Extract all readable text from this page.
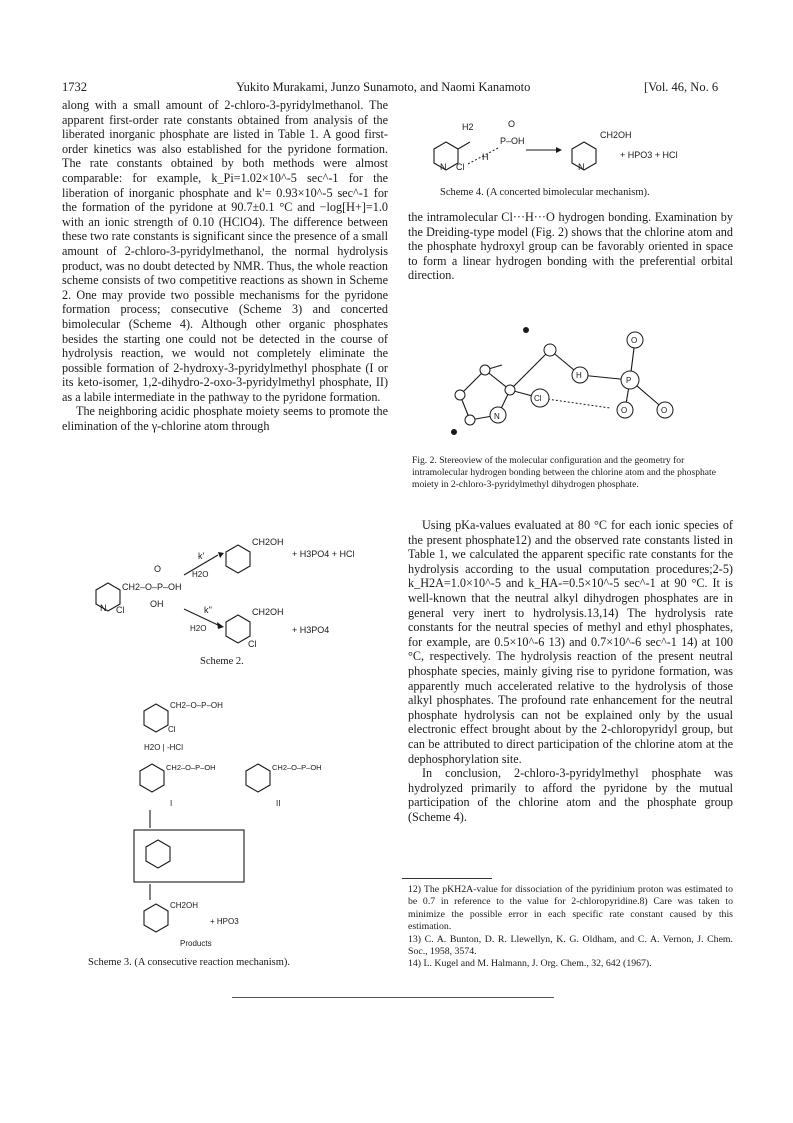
1732	Yukito Murakami, Junzo Sunamoto, and Naomi Kanamoto	[Vol. 46, No. 6

along with a small amount of 2-chloro-3-pyridylmethanol. The apparent first-order rate constants obtained from analysis of the liberated inorganic phosphate are listed in Table 1. A good first-order kinetics was also established for the pyridone formation. The rate constants obtained by both methods were almost comparable: for example, k_Pi=1.02×10^-5 sec^-1 for the liberation of inorganic phosphate and k'= 0.93×10^-5 sec^-1 for the formation of the pyridone at 90.7±0.1 °C and −log[H+]=1.0 with an ionic strength of 0.10 (HClO4). The difference between these two rate constants is significant since the presence of a small amount of 2-chloro-3-pyridylmethanol, the normal hydrolysis product, was no doubt detected by NMR. Thus, the whole reaction scheme consists of two competitive reactions as shown in Scheme 2. One may provide two possible mechanisms for the pyridone formation process; consecutive (Scheme 3) and concerted bimolecular (Scheme 4). Although other organic phosphates besides the starting one could not be detected in the course of hydrolysis reaction, we would not completely eliminate the possible formation of 2-hydroxy-3-pyridylmethyl phosphate (I or its keto-isomer, 1,2-dihydro-2-oxo-3-pyridylmethyl phosphate, II) as a labile intermediate in the pathway to the pyridone formation.

The neighboring acidic phosphate moiety seems to promote the elimination of the γ-chlorine atom through

H2	O
P–OH
N Cl
H
CH2OH
N
+ HPO3 + HCl
Scheme 4. (A concerted bimolecular mechanism).

the intramolecular Cl···H···O hydrogen bonding. Examination by the Dreiding-type model (Fig. 2) shows that the chlorine atom and the phosphate hydroxyl group can be favorably oriented in space to form a linear hydrogen bonding with the preferential orbital direction.

N
Cl
H
P
O
O	O
Fig. 2. Stereoview of the molecular configuration and the geometry for intramolecular hydrogen bonding between the chlorine atom and the phosphate moiety in 2-chloro-3-pyridylmethyl dihydrogen phosphate.

Using pKa-values evaluated at 80 °C for each ionic species of the present phosphate12) and the observed rate constants listed in Table 1, we calculated the apparent specific rate constants for the hydrolysis according to the usual computation procedures;2-5) k_H2A=1.0×10^-5 and k_HA-=0.5×10^-5 sec^-1 at 90 °C. It is well-known that the neutral alkyl dihydrogen phosphates are in general very inert to hydrolysis.13,14) The hydrolysis rate constants for the neutral species of methyl and ethyl phosphates, for example, are 0.5×10^-6 13) and 0.7×10^-6 sec^-1 14) at 100 °C, respectively. The hydrolysis reaction of the present neutral phosphate species, mainly giving rise to pyridone formation, was apparently much accelerated relative to the hydrolysis of those alkyl phosphates. The profound rate enhancement for the neutral phosphate hydrolysis can not be explained only by the usual electronic effect brought about by the 2-chloropyridyl group, but can be attributed to direct participation of the chlorine atom at the dephosphorylation site.

In conclusion, 2-chloro-3-pyridylmethyl phosphate was hydrolyzed primarily to afford the pyridone by the mutual participation of the chlorine atom and the phosphate group (Scheme 4).

CH2–O–P–OH
O
OH
N Cl
k'
H2O
CH2OH
+ H3PO4 + HCl
k''
H2O
CH2OH
Cl
+ H3PO4
Scheme 2.
CH2–O–P–OH
Cl
H2O | -HCl
CH2–O–P–OH
I	II
CH2–O–P–OH
CH2OH
+ HPO3
Products
Scheme 3. (A consecutive reaction mechanism).

12) The pKH2A-value for dissociation of the pyridinium proton was estimated to be 0.7 in reference to the value for 2-chloropyridine.8) Care was taken to minimize the possible error in each specific rate constant caused by this estimation.

13) C. A. Bunton, D. R. Llewellyn, K. G. Oldham, and C. A. Vernon, J. Chem. Soc., 1958, 3574.

14) L. Kugel and M. Halmann, J. Org. Chem., 32, 642 (1967).
